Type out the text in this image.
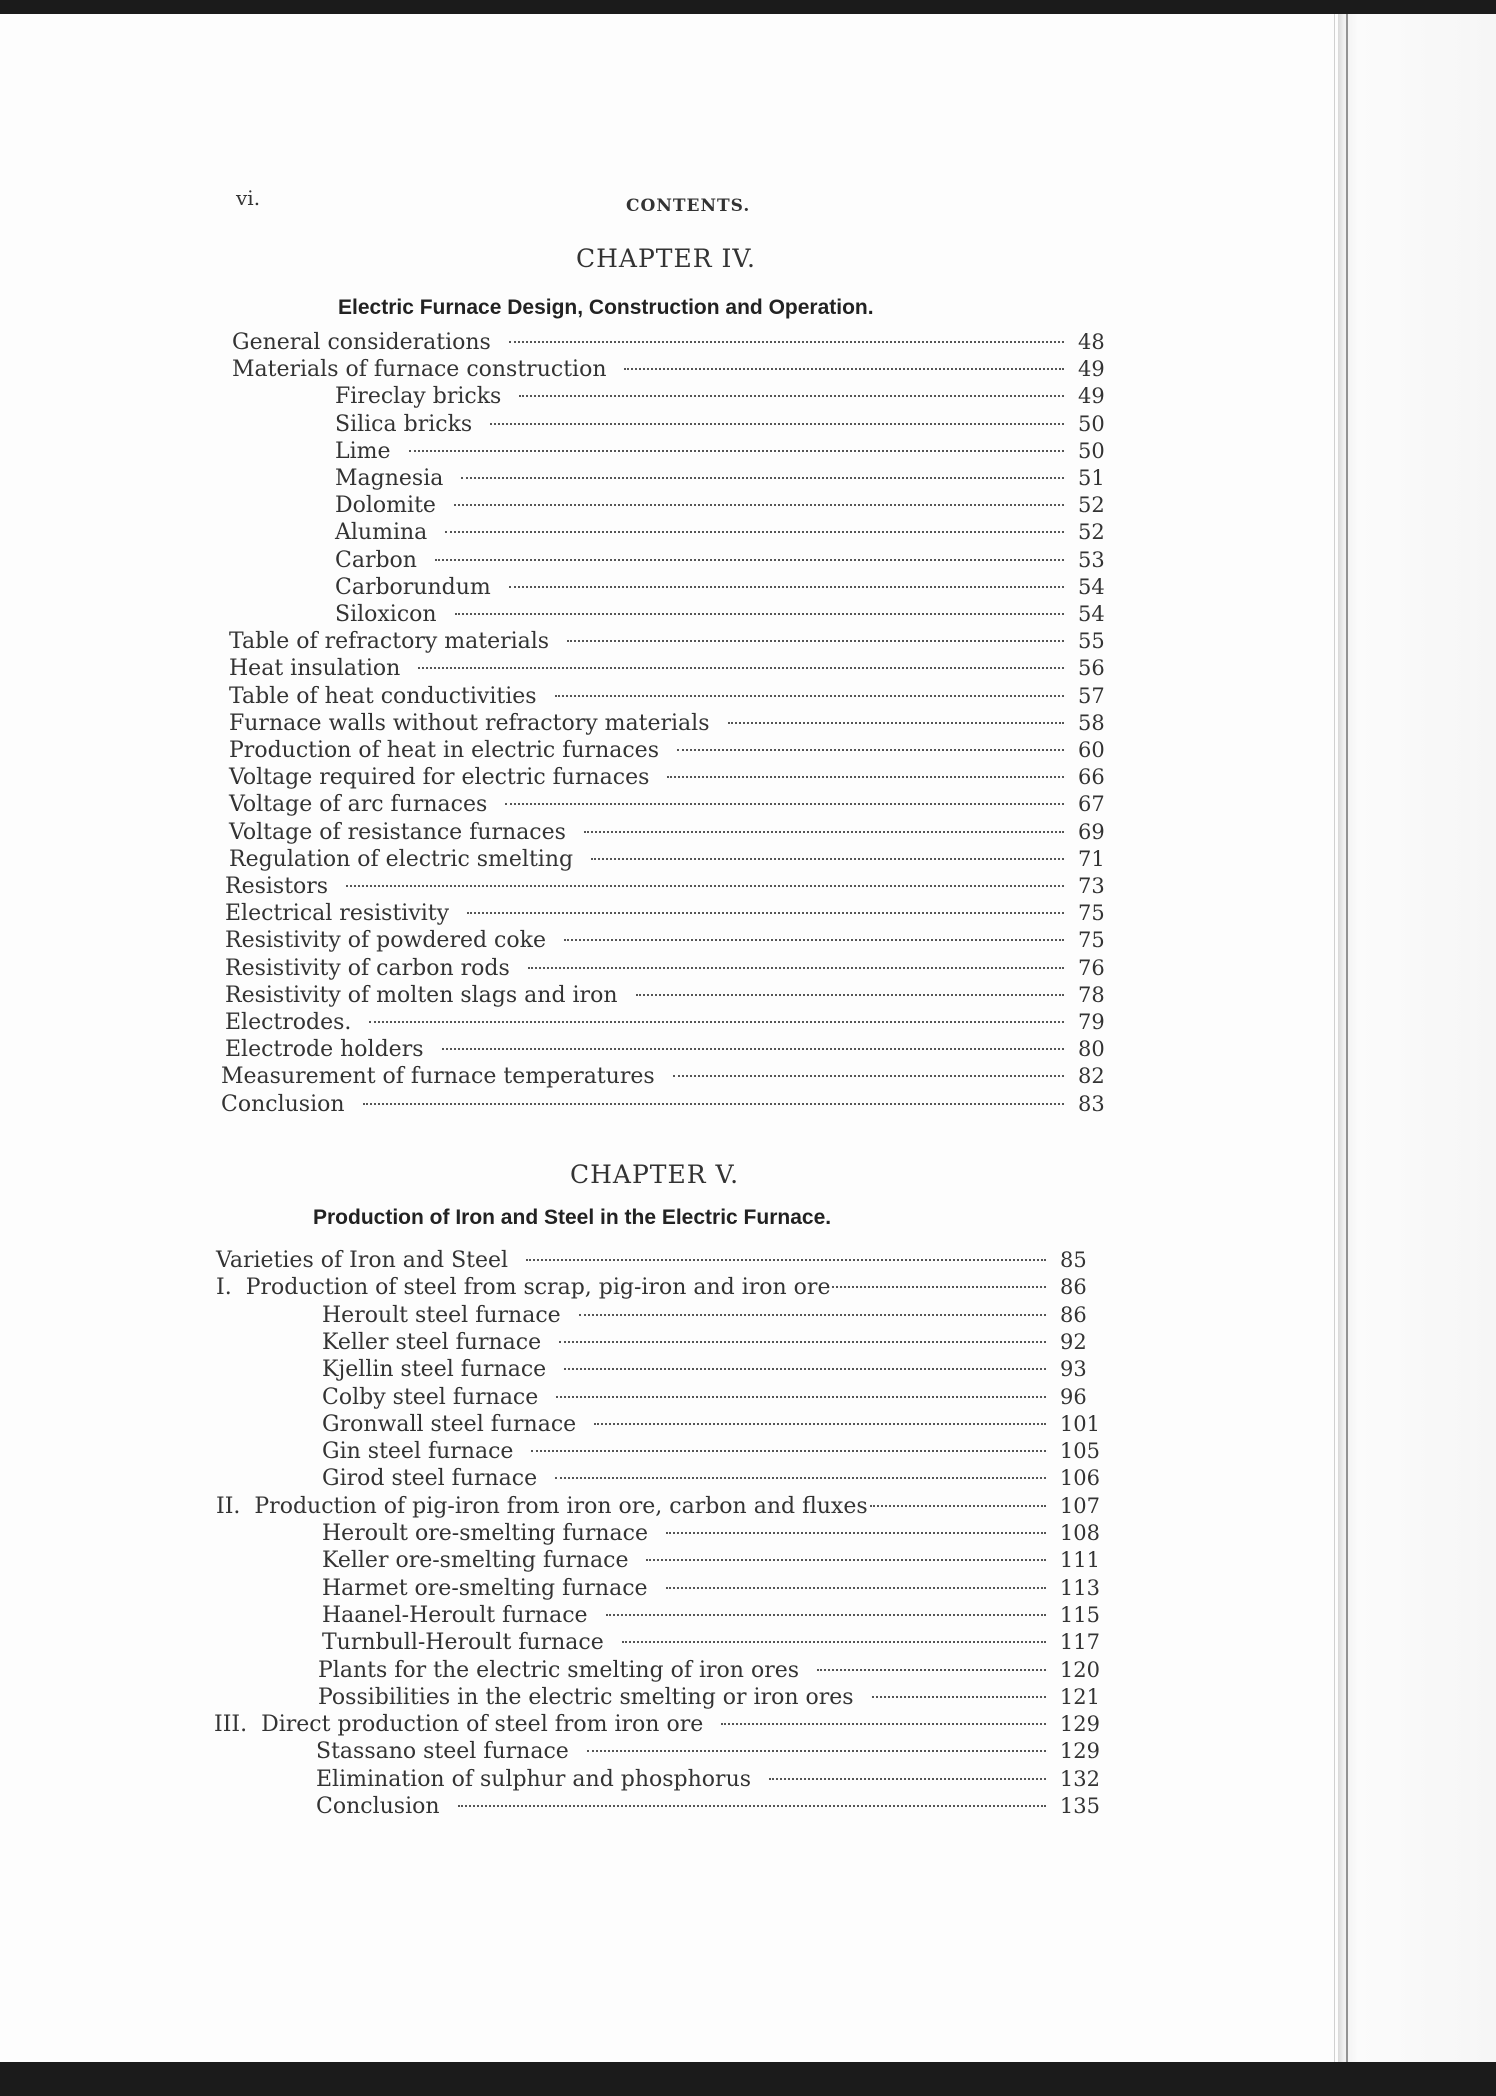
vi.	CONTENTS.
CHAPTER IV.
Electric Furnace Design, Construction and Operation.
General considerations	48
Materials of furnace construction	49
Fireclay bricks	49
Silica bricks	50
Lime	50
Magnesia	51
Dolomite	52
Alumina	52
Carbon	53
Carborundum	54
Siloxicon	54
Table of refractory materials	55
Heat insulation	56
Table of heat conductivities	57
Furnace walls without refractory materials	58
Production of heat in electric furnaces	60
Voltage required for electric furnaces	66
Voltage of arc furnaces	67
Voltage of resistance furnaces	69
Regulation of electric smelting	71
Resistors	73
Electrical resistivity	75
Resistivity of powdered coke	75
Resistivity of carbon rods	76
Resistivity of molten slags and iron	78
Electrodes.	79
Electrode holders	80
Measurement of furnace temperatures	82
Conclusion	83
CHAPTER V.
Production of Iron and Steel in the Electric Furnace.
Varieties of Iron and Steel	85
I. Production of steel from scrap, pig-iron and iron ore	86
Heroult steel furnace	86
Keller steel furnace	92
Kjellin steel furnace	93
Colby steel furnace	96
Gronwall steel furnace	101
Gin steel furnace	105
Girod steel furnace	106
II. Production of pig-iron from iron ore, carbon and fluxes	107
Heroult ore-smelting furnace	108
Keller ore-smelting furnace	111
Harmet ore-smelting furnace	113
Haanel-Heroult furnace	115
Turnbull-Heroult furnace	117
Plants for the electric smelting of iron ores	120
Possibilities in the electric smelting or iron ores	121
III. Direct production of steel from iron ore	129
Stassano steel furnace	129
Elimination of sulphur and phosphorus	132
Conclusion	135
